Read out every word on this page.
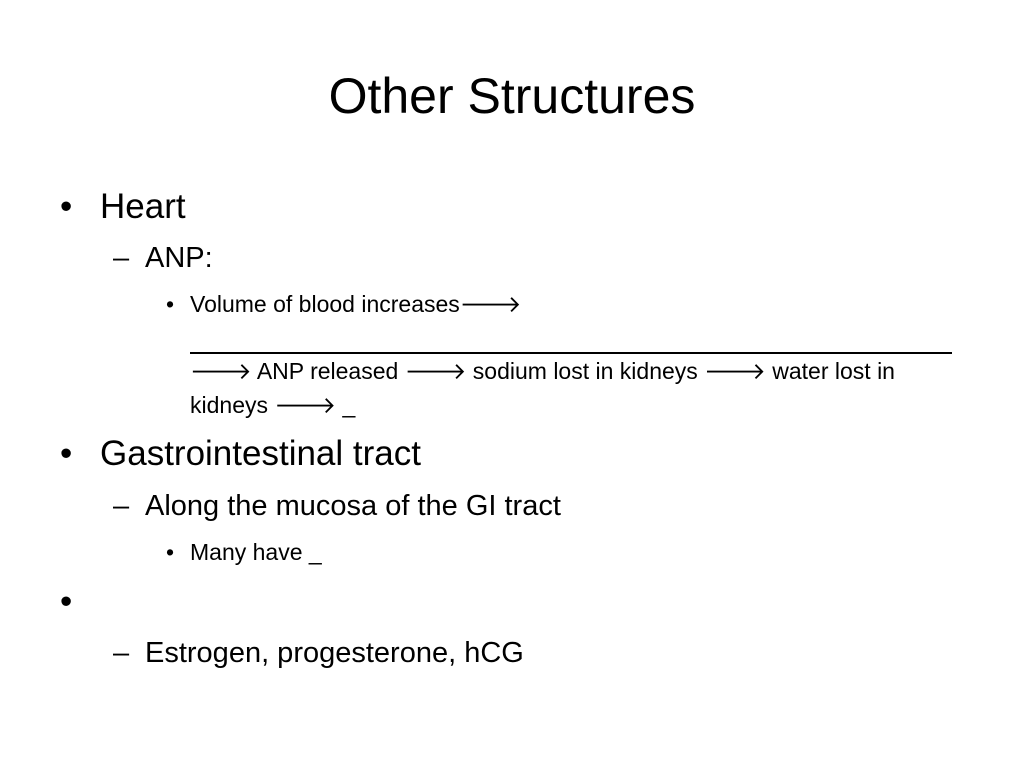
Other Structures
• Heart
– ANP:
• Volume of blood increases🡒
🡒 ANP released 🡒 sodium lost in kidneys 🡒 water lost in
kidneys 🡒 _
• Gastrointestinal tract
– Along the mucosa of the GI tract
• Many have _
•
– Estrogen, progesterone, hCG
